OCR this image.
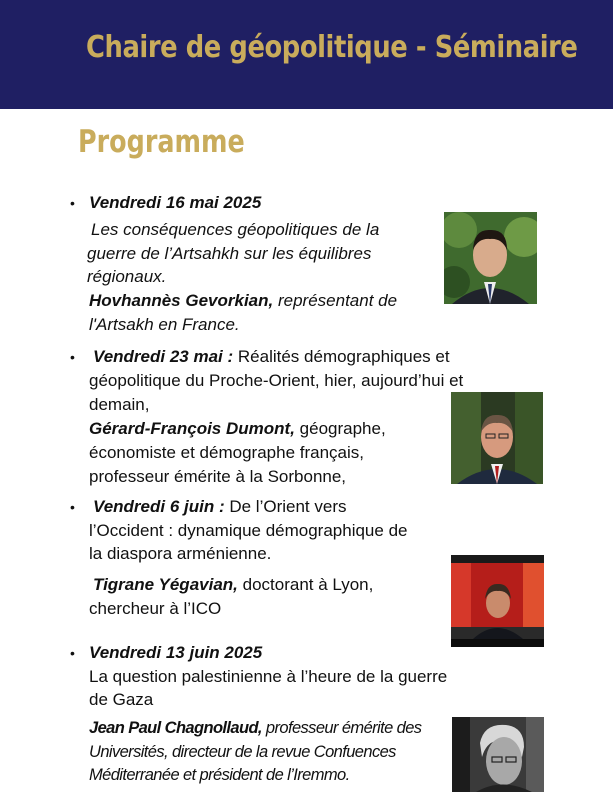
Chaire de géopolitique - Séminaire
Programme
• Vendredi 16 mai 2025
Les conséquences géopolitiques de la
guerre de l’Artsahkh sur les équilibres
régionaux.
Hovhannès Gevorkian, représentant de
l'Artsakh en France.
• Vendredi 23 mai : Réalités démographiques et
géopolitique du Proche-Orient, hier, aujourd’hui et
demain,
Gérard-François Dumont, géographe,
économiste et démographe français,
professeur émérite à la Sorbonne,
• Vendredi 6 juin : De l’Orient vers
l’Occident : dynamique démographique de
la diaspora arménienne.
Tigrane Yégavian, doctorant à Lyon,
chercheur à l’ICO
• Vendredi 13 juin 2025
La question palestinienne à l’heure de la guerre
de Gaza
Jean Paul Chagnollaud, professeur émérite des
Universités, directeur de la revue Confuences
Méditerranée et président de l’Iremmo.
